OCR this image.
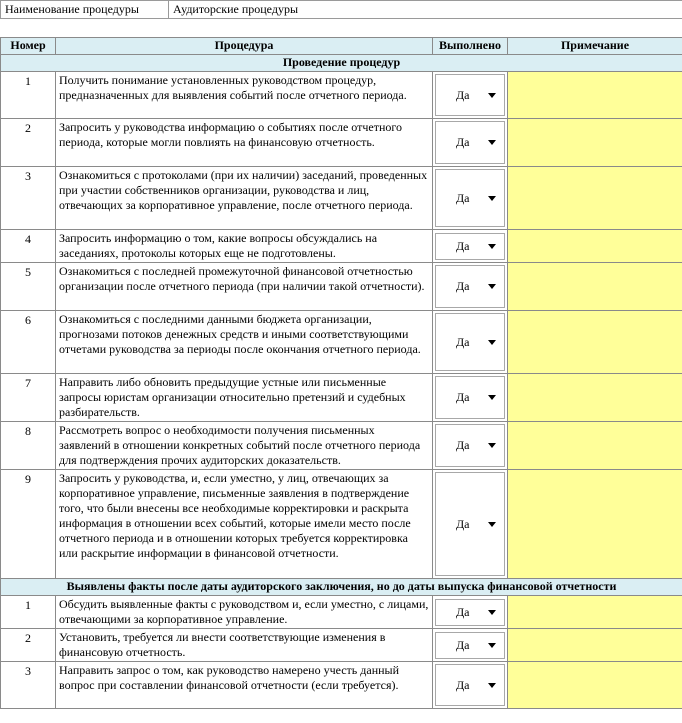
Наименование процедуры	Аудиторские процедуры
Номер	Процедура	Выполнено	Примечание
Проведение процедур			
1	Получить понимание установленных руководством процедур, предназначенных для выявления событий после отчетного периода.	Да	

2	Запросить у руководства информацию о событиях после отчетного периода, которые могли повлиять на финансовую отчетность.	Да	

3	Ознакомиться с протоколами (при их наличии) заседаний, проведенных при участии собственников организации, руководства и лиц, отвечающих за корпоративное управление, после отчетного периода.	Да	

4	Запросить информацию о том, какие вопросы обсуждались на заседаниях, протоколы которых еще не подготовлены.	Да	

5	Ознакомиться с последней промежуточной финансовой отчетностью организации после отчетного периода (при наличии такой отчетности).	Да	

6	Ознакомиться с последними данными бюджета организации, прогнозами потоков денежных средств и иными соответствующими отчетами руководства за периоды после окончания отчетного периода.	Да	

7	Направить либо обновить предыдущие устные или письменные запросы юристам организации относительно претензий и судебных разбирательств.	Да	

8	Рассмотреть вопрос о необходимости получения письменных заявлений в отношении конкретных событий после отчетного периода для подтверждения прочих аудиторских доказательств.	Да	

9	Запросить у руководства, и, если уместно, у лиц, отвечающих за корпоративное управление, письменные заявления в подтверждение того, что были внесены все необходимые корректировки и раскрыта информация в отношении всех событий, которые имели место после отчетного периода и в отношении которых требуется корректировка или раскрытие информации в финансовой отчетности.	Да	

Выявлены факты после даты аудиторского заключения, но до даты выпуска финансовой отчетности			
1	Обсудить выявленные факты с руководством и, если уместно, с лицами, отвечающими за корпоративное управление.	Да	

2	Установить, требуется ли внести соответствующие изменения в финансовую отчетность.	Да	

3	Направить запрос о том, как руководство намерено учесть данный вопрос при составлении финансовой отчетности (если требуется).	Да	
